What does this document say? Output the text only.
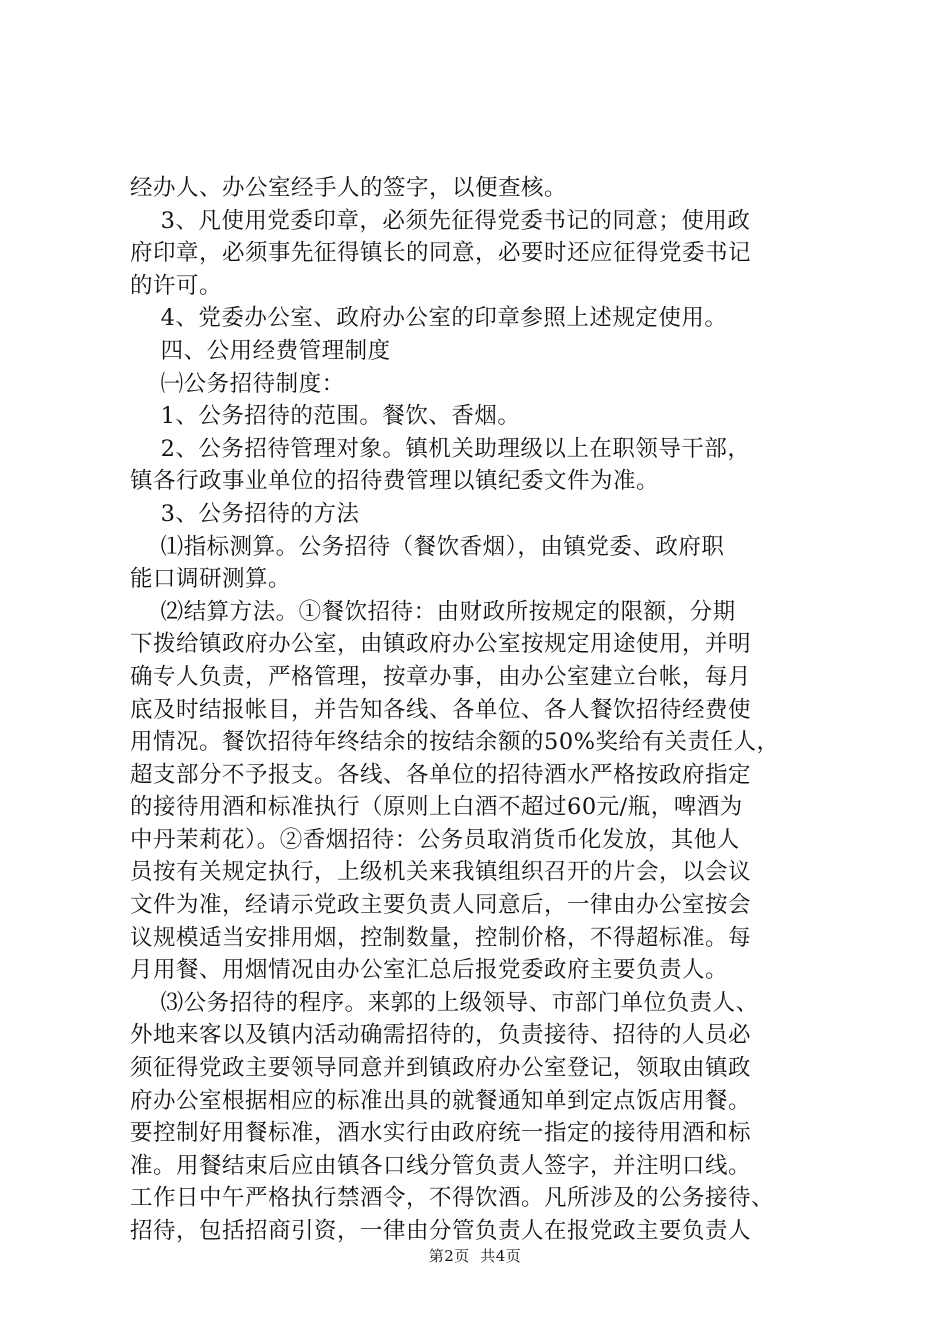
经办人、办公室经手人的签字，以便查核。
3、凡使用党委印章，必须先征得党委书记的同意；使用政
府印章，必须事先征得镇长的同意，必要时还应征得党委书记
的许可。
4、党委办公室、政府办公室的印章参照上述规定使用。
四、公用经费管理制度
㈠公务招待制度：
1、公务招待的范围。餐饮、香烟。
2、公务招待管理对象。镇机关助理级以上在职领导干部，
镇各行政事业单位的招待费管理以镇纪委文件为准。
3、公务招待的方法
⑴指标测算。公务招待（餐饮香烟），由镇党委、政府职
能口调研测算。
⑵结算方法。①餐饮招待：由财政所按规定的限额，分期
下拨给镇政府办公室，由镇政府办公室按规定用途使用，并明
确专人负责，严格管理，按章办事，由办公室建立台帐，每月
底及时结报帐目，并告知各线、各单位、各人餐饮招待经费使
用情况。餐饮招待年终结余的按结余额的50%奖给有关责任人，
超支部分不予报支。各线、各单位的招待酒水严格按政府指定
的接待用酒和标准执行（原则上白酒不超过60元/瓶，啤酒为
中丹茉莉花）。②香烟招待：公务员取消货币化发放，其他人
员按有关规定执行，上级机关来我镇组织召开的片会，以会议
文件为准，经请示党政主要负责人同意后，一律由办公室按会
议规模适当安排用烟，控制数量，控制价格，不得超标准。每
月用餐、用烟情况由办公室汇总后报党委政府主要负责人。
⑶公务招待的程序。来郭的上级领导、市部门单位负责人、
外地来客以及镇内活动确需招待的，负责接待、招待的人员必
须征得党政主要领导同意并到镇政府办公室登记，领取由镇政
府办公室根据相应的标准出具的就餐通知单到定点饭店用餐。
要控制好用餐标准，酒水实行由政府统一指定的接待用酒和标
准。用餐结束后应由镇各口线分管负责人签字，并注明口线。
工作日中午严格执行禁酒令，不得饮酒。凡所涉及的公务接待、
招待，包括招商引资，一律由分管负责人在报党政主要负责人
第2页  共4页
